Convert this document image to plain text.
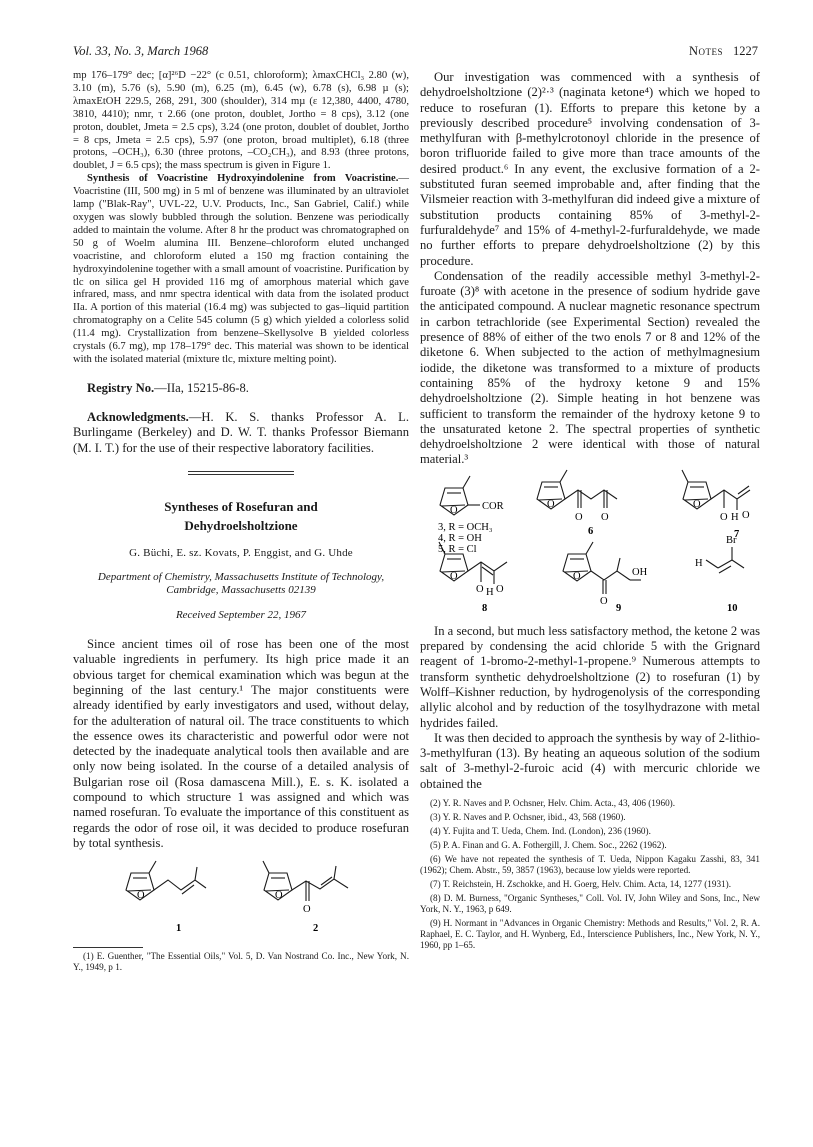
Vol. 33, No. 3, March 1968	Notes 1227

mp 176–179° dec; [α]²⁶D −22° (c 0.51, chloroform); λmaxCHCl₃ 2.80 (w), 3.10 (m), 5.76 (s), 5.90 (m), 6.25 (m), 6.45 (w), 6.78 (s), 6.98 µ (s); λmaxEtOH 229.5, 268, 291, 300 (shoulder), 314 mµ (ε 12,380, 4400, 4780, 3810, 4410); nmr, τ 2.66 (one proton, doublet, Jortho = 8 cps), 3.12 (one proton, doublet, Jmeta = 2.5 cps), 3.24 (one proton, doublet of doublet, Jortho = 8 cps, Jmeta = 2.5 cps), 5.97 (one proton, broad multiplet), 6.18 (three protons, –OCH₃), 6.30 (three protons, –CO₂CH₃), and 8.93 (three protons, doublet, J = 6.5 cps); the mass spectrum is given in Figure 1.

Synthesis of Voacristine Hydroxyindolenine from Voacristine.—Voacristine (III, 500 mg) in 5 ml of benzene was illuminated by an ultraviolet lamp ("Blak-Ray", UVL-22, U.V. Products, Inc., San Gabriel, Calif.) while oxygen was slowly bubbled through the solution. Benzene was periodically added to maintain the volume. After 8 hr the product was chromatographed on 50 g of Woelm alumina III. Benzene–chloroform eluted unchanged voacristine, and chloroform eluted a 150 mg fraction containing the hydroxyindolenine together with a small amount of voacristine. Purification by tlc on silica gel H provided 116 mg of amorphous material which gave infrared, mass, and nmr spectra identical with data from the isolated product IIa. A portion of this material (16.4 mg) was subjected to gas–liquid partition chromatography on a Celite 545 column (5 g) which yielded a colorless solid (11.4 mg). Crystallization from benzene–Skellysolve B yielded colorless crystals (6.7 mg), mp 178–179° dec. This material was shown to be identical with the isolated material (mixture tlc, mixture melting point).

Registry No.—IIa, 15215-86-8.

Acknowledgments.—H. K. S. thanks Professor A. L. Burlingame (Berkeley) and D. W. T. thanks Professor Biemann (M. I. T.) for the use of their respective laboratory facilities.

Syntheses of Rosefuran and
Dehydroelsholtzione
G. Büchi, E. sz. Kovats, P. Enggist, and G. Uhde
Department of Chemistry, Massachusetts Institute of Technology,
Cambridge, Massachusetts 02139
Received September 22, 1967

Since ancient times oil of rose has been one of the most valuable ingredients in perfumery. Its high price made it an obvious target for chemical examination which was begun at the beginning of the last century.¹ The major constituents were already identified by early investigators and used, without delay, for the adulteration of natural oil. The trace constituents to which the essence owes its characteristic and powerful odor were not detected by the inadequate analytical tools then available and are only now being isolated. In the course of a detailed analysis of Bulgarian rose oil (Rosa damascena Mill.), E. s. K. isolated a compound to which structure 1 was assigned and which was named rosefuran. To evaluate the importance of this constituent as regards the odor of rose oil, it was decided to produce rosefuran by total synthesis.

O
O
O
1	2

(1) E. Guenther, "The Essential Oils," Vol. 5, D. Van Nostrand Co. Inc., New York, N. Y., 1949, p 1.

Our investigation was commenced with a synthesis of dehydroelsholtzione (2)²·³ (naginata ketone⁴) which we hoped to reduce to rosefuran (1). Efforts to prepare this ketone by a previously described procedure⁵ involving condensation of 3-methylfuran with β-methylcrotonoyl chloride in the presence of boron trifluoride failed to give more than trace amounts of the desired product.⁶ In any event, the exclusive formation of a 2-substituted furan seemed improbable and, after finding that the Vilsmeier reaction with 3-methylfuran did indeed give a mixture of substitution products containing 85% of 3-methyl-2-furfuraldehyde⁷ and 15% of 4-methyl-2-furfuraldehyde, we made no further efforts to prepare dehydroelsholtzione (2) by this procedure.

Condensation of the readily accessible methyl 3-methyl-2-furoate (3)⁸ with acetone in the presence of sodium hydride gave the anticipated compound. A nuclear magnetic resonance spectrum in carbon tetrachloride (see Experimental Section) revealed the presence of 88% of either of the two enols 7 or 8 and 12% of the diketone 6. When subjected to the action of methylmagnesium iodide, the diketone was transformed to a mixture of products containing 85% of the hydroxy ketone 9 and 15% dehydroelsholtzione (2). Simple heating in hot benzene was sufficient to transform the remainder of the hydroxy ketone 9 to the unsaturated ketone 2. The spectral properties of synthetic dehydroelsholtzione 2 were identical with those of natural material.³

O COR
3, R = OCH₃
4, R = OH
5, R = Cl
O
O O
6
O
O H O
7
O
O H O
8
O
O
OH
9
Br
H
10

In a second, but much less satisfactory method, the ketone 2 was prepared by condensing the acid chloride 5 with the Grignard reagent of 1-bromo-2-methyl-1-propene.⁹ Numerous attempts to transform synthetic dehydroelsholtzione (2) to rosefuran (1) by Wolff–Kishner reduction, by hydrogenolysis of the corresponding allylic alcohol and by reduction of the tosylhydrazone with metal hydrides failed.

It was then decided to approach the synthesis by way of 2-lithio-3-methylfuran (13). By heating an aqueous solution of the sodium salt of 3-methyl-2-furoic acid (4) with mercuric chloride we obtained the

(2) Y. R. Naves and P. Ochsner, Helv. Chim. Acta., 43, 406 (1960).

(3) Y. R. Naves and P. Ochsner, ibid., 43, 568 (1960).

(4) Y. Fujita and T. Ueda, Chem. Ind. (London), 236 (1960).

(5) P. A. Finan and G. A. Fothergill, J. Chem. Soc., 2262 (1962).

(6) We have not repeated the synthesis of T. Ueda, Nippon Kagaku Zasshi, 83, 341 (1962); Chem. Abstr., 59, 3857 (1963), because low yields were reported.

(7) T. Reichstein, H. Zschokke, and H. Goerg, Helv. Chim. Acta, 14, 1277 (1931).

(8) D. M. Burness, "Organic Syntheses," Coll. Vol. IV, John Wiley and Sons, Inc., New York, N. Y., 1963, p 649.

(9) H. Normant in "Advances in Organic Chemistry: Methods and Results," Vol. 2, R. A. Raphael, E. C. Taylor, and H. Wynberg, Ed., Interscience Publishers, Inc., New York, N. Y., 1960, pp 1–65.
